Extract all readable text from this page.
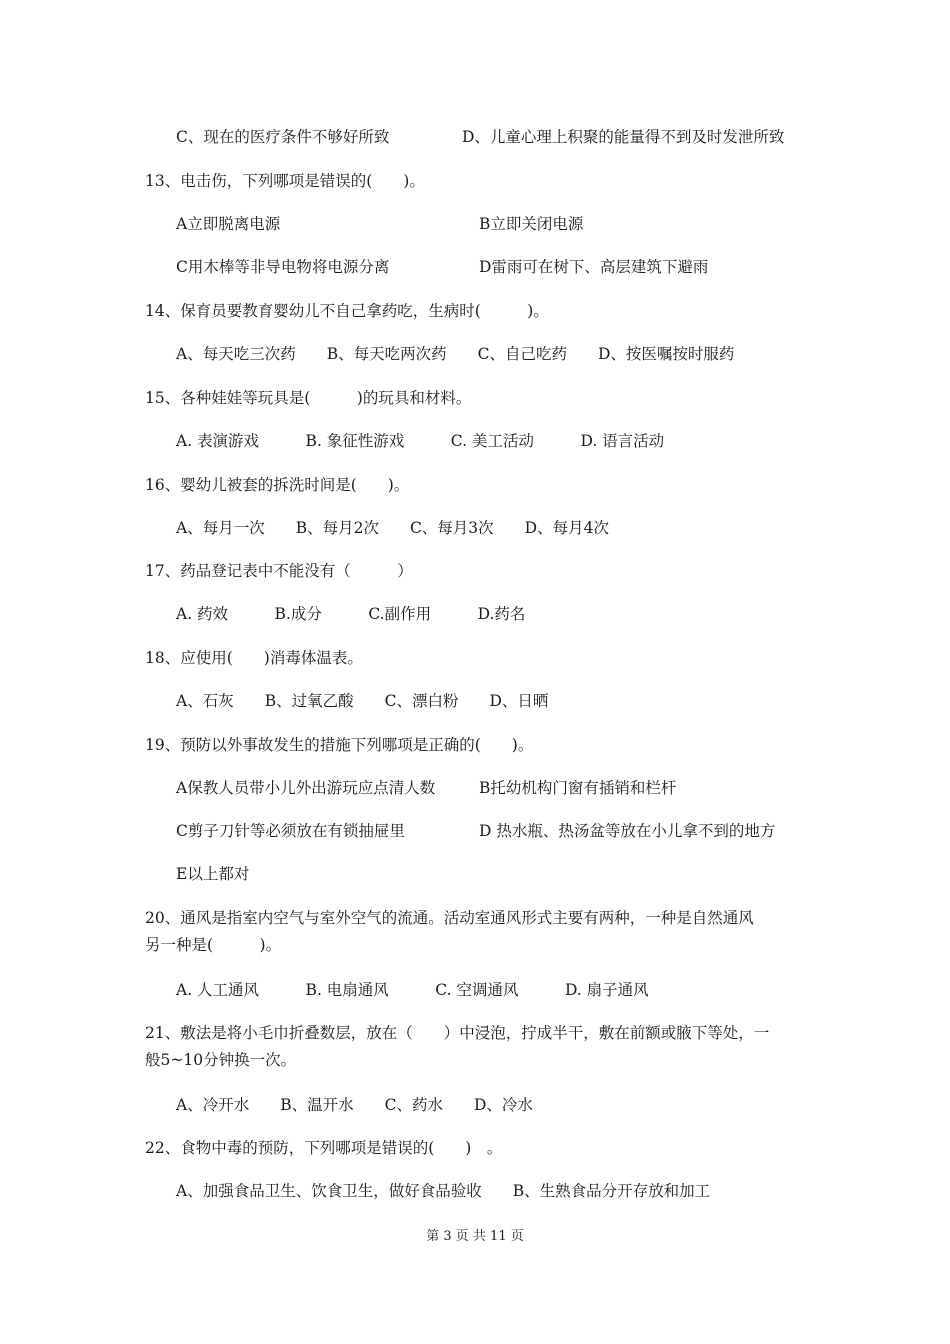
C、现在的医疗条件不够好所致	D、儿童心理上积聚的能量得不到及时发泄所致
13、电击伤，下列哪项是错误的(　　)。
A立即脱离电源	B立即关闭电源
C用木棒等非导电物将电源分离	D雷雨可在树下、高层建筑下避雨
14、保育员要教育婴幼儿不自己拿药吃，生病时(　　　)。
A、每天吃三次药　　B、每天吃两次药　　C、自己吃药　　D、按医嘱按时服药
15、各种娃娃等玩具是(　　　)的玩具和材料。
A. 表演游戏　　　B. 象征性游戏　　　C. 美工活动　　　D. 语言活动
16、婴幼儿被套的拆洗时间是(　　)。
A、每月一次　　B、每月2次　　C、每月3次　　D、每月4次
17、药品登记表中不能没有（　　　）
A. 药效　　　B.成分　　　C.副作用　　　D.药名
18、应使用(　　)消毒体温表。
A、石灰　　B、过氧乙酸　　C、漂白粉　　D、日晒
19、预防以外事故发生的措施下列哪项是正确的(　　)。
A保教人员带小儿外出游玩应点清人数	B托幼机构门窗有插销和栏杆
C剪子刀针等必须放在有锁抽屉里	D 热水瓶、热汤盆等放在小儿拿不到的地方
E以上都对
20、通风是指室内空气与室外空气的流通。活动室通风形式主要有两种，一种是自然通风
另一种是(　　　)。
A. 人工通风　　　B. 电扇通风　　　C. 空调通风　　　D. 扇子通风
21、敷法是将小毛巾折叠数层，放在（　　）中浸泡，拧成半干，敷在前额或腋下等处，一
般5~10分钟换一次。
A、冷开水　　B、温开水　　C、药水　　D、冷水
22、食物中毒的预防，下列哪项是错误的(　　)　。
A、加强食品卫生、饮食卫生，做好食品验收　　B、生熟食品分开存放和加工
第 3 页 共 11 页
